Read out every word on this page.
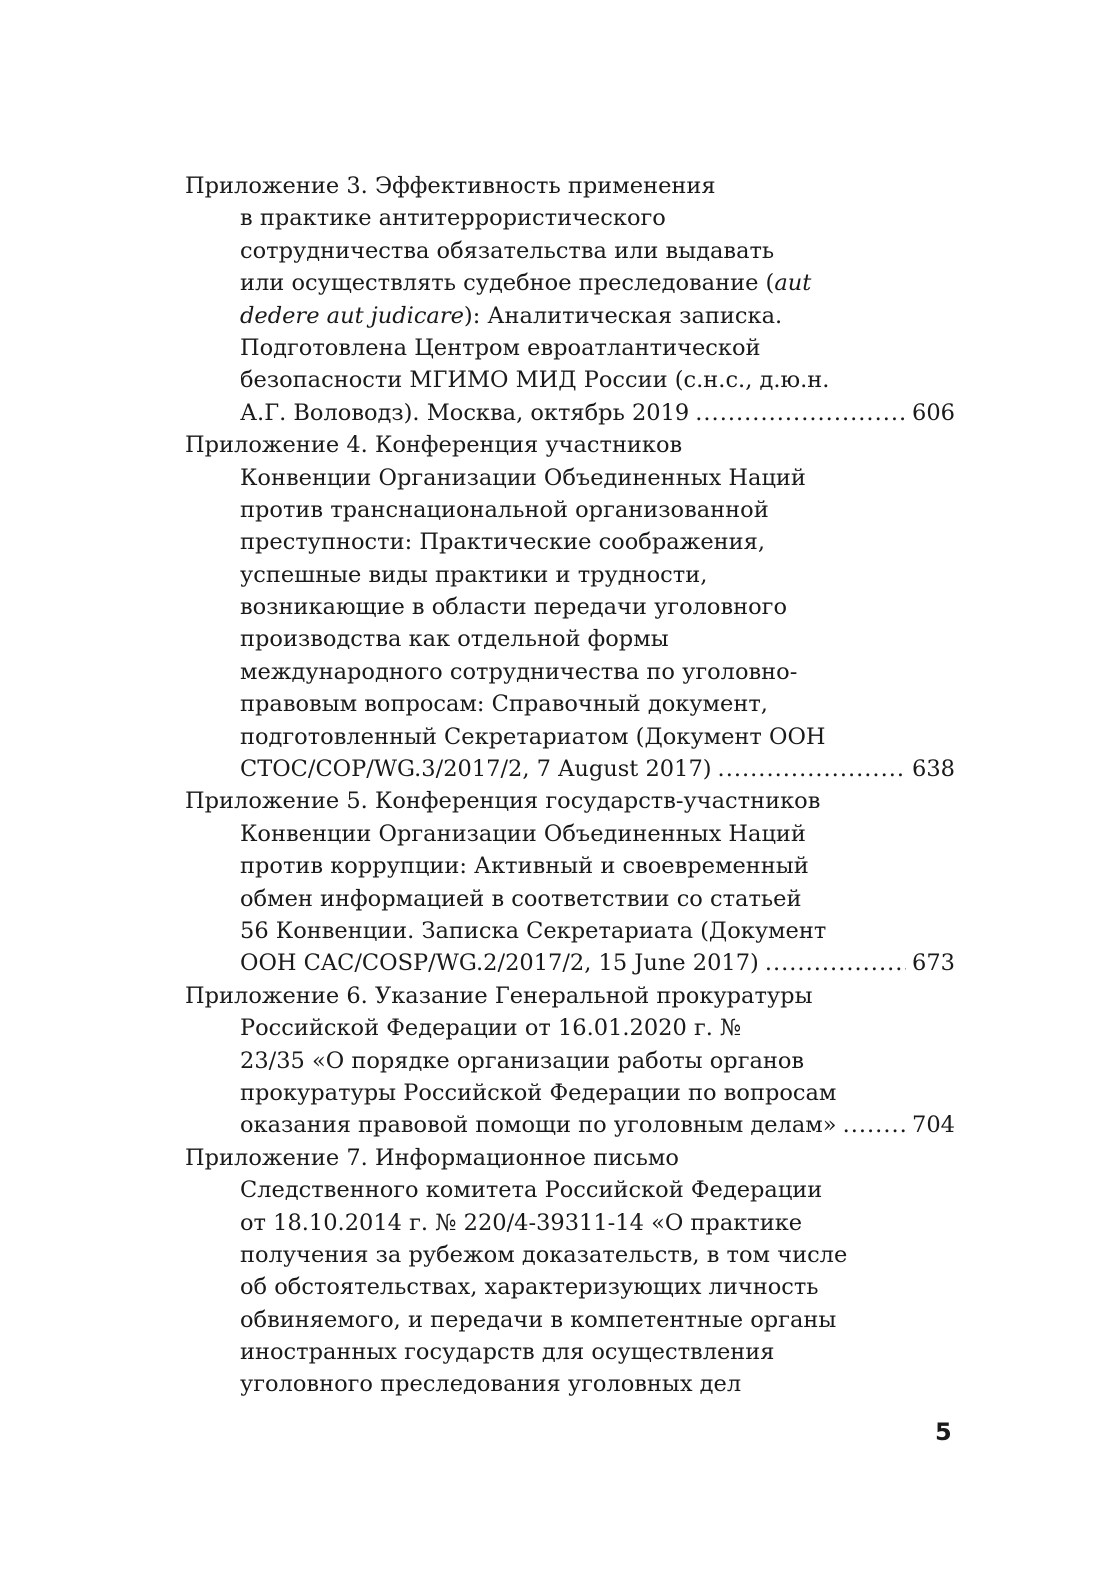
Приложение 3. Эффективность применения
в практике антитеррористического
сотрудничества обязательства или выдавать
или осуществлять судебное преследование (aut
dedere aut judicare): Аналитическая записка.
Подготовлена Центром евроатлантической
безопасности МГИМО МИД России (с.н.с., д.ю.н.
А.Г. Воловодз). Москва, октябрь 2019 .....	606
Приложение 4. Конференция участников
Конвенции Организации Объединенных Наций
против транснациональной организованной
преступности: Практические соображения,
успешные виды практики и трудности,
возникающие в области передачи уголовного
производства как отдельной формы
международного сотрудничества по уголовно-
правовым вопросам: Справочный документ,
подготовленный Секретариатом (Документ ООН
CTOC/COP/WG.3/2017/2, 7 August 2017) .....	638
Приложение 5. Конференция государств-участников
Конвенции Организации Объединенных Наций
против коррупции: Активный и своевременный
обмен информацией в соответствии со статьей
56 Конвенции. Записка Секретариата (Документ
ООН CAC/COSP/WG.2/2017/2, 15 June 2017) .....	673
Приложение 6. Указание Генеральной прокуратуры
Российской Федерации от 16.01.2020 г. №
23/35 «О порядке организации работы органов
прокуратуры Российской Федерации по вопросам
оказания правовой помощи по уголовным делам» .....	704
Приложение 7. Информационное письмо
Следственного комитета Российской Федерации
от 18.10.2014 г. № 220/4-39311-14 «О практике
получения за рубежом доказательств, в том числе
об обстоятельствах, характеризующих личность
обвиняемого, и передачи в компетентные органы
иностранных государств для осуществления
уголовного преследования уголовных дел
5
